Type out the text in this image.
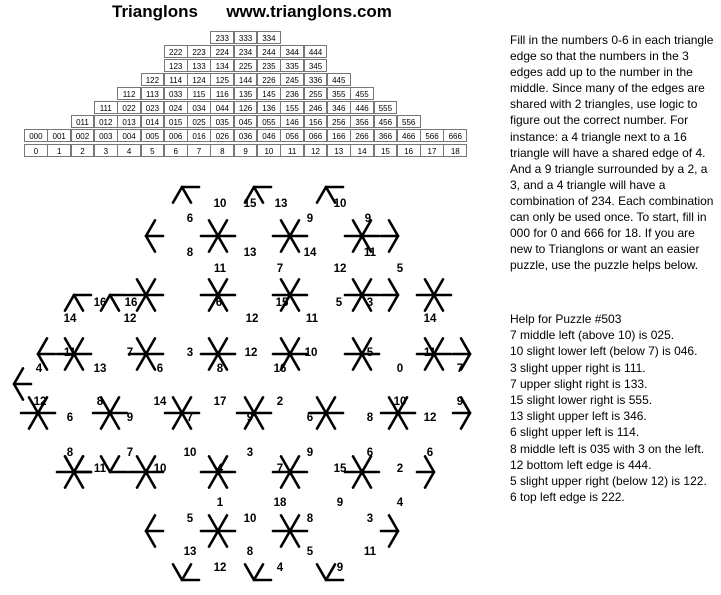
Trianglons www.trianglons.com
233	333	334
222	223	224	234	244	344	444
123	133	134	225	235	335	345
122	114	124	125	144	226	245	336	445
112	113	033	115	116	135	145	236	255	355	455
111	022	023	024	034	044	126	136	155	246	346	446	555
011	012	013	014	015	025	035	045	055	146	156	256	356	456	556
000	001	002	003	004	005	006	016	026	036	046	056	066	166	266	366	466	566	666
0	1	2	3	4	5	6	7	8	9	10	11	12	13	14	15	16	17	18
10 15 13	10
6	9	9
8	13	14	11
11	7	12	5
16 16	6	15	5 3
14	12	12	11	14
11	7	3	12	10	5	11
4	13	6	8	16	0	7
12	8	14	17	2	10	9
6	9	7	9	6	8	12
8	7	10	3	9	6	6
11	10	4	7	15	2
1	18	9	4
5	10	8	3
13	8	5	11
12	4	9
Fill in the numbers 0-6 in each triangle edge so that the numbers in the 3 edges add up to the number in the middle. Since many of the edges are shared with 2 triangles, use logic to figure out the correct number. For instance: a 4 triangle next to a 16 triangle will have a shared edge of 4. And a 9 triangle surrounded by a 2, a 3, and a 4 triangle will have a combination of 234. Each combination can only be used once. To start, fill in 000 for 0 and 666 for 18. If you are new to Trianglons or want an easier puzzle, use the puzzle helps below.
Help for Puzzle #503
7 middle left (above 10) is 025.
10 slight lower left (below 7) is 046.
3 slight upper right is 111.
7 upper slight right is 133.
15 slight lower right is 555.
13 slight upper left is 346.
6 slight upper left is 114.
8 middle left is 035 with 3 on the left.
12 bottom left edge is 444.
5 slight upper right (below 12) is 122.
6 top left edge is 222.
